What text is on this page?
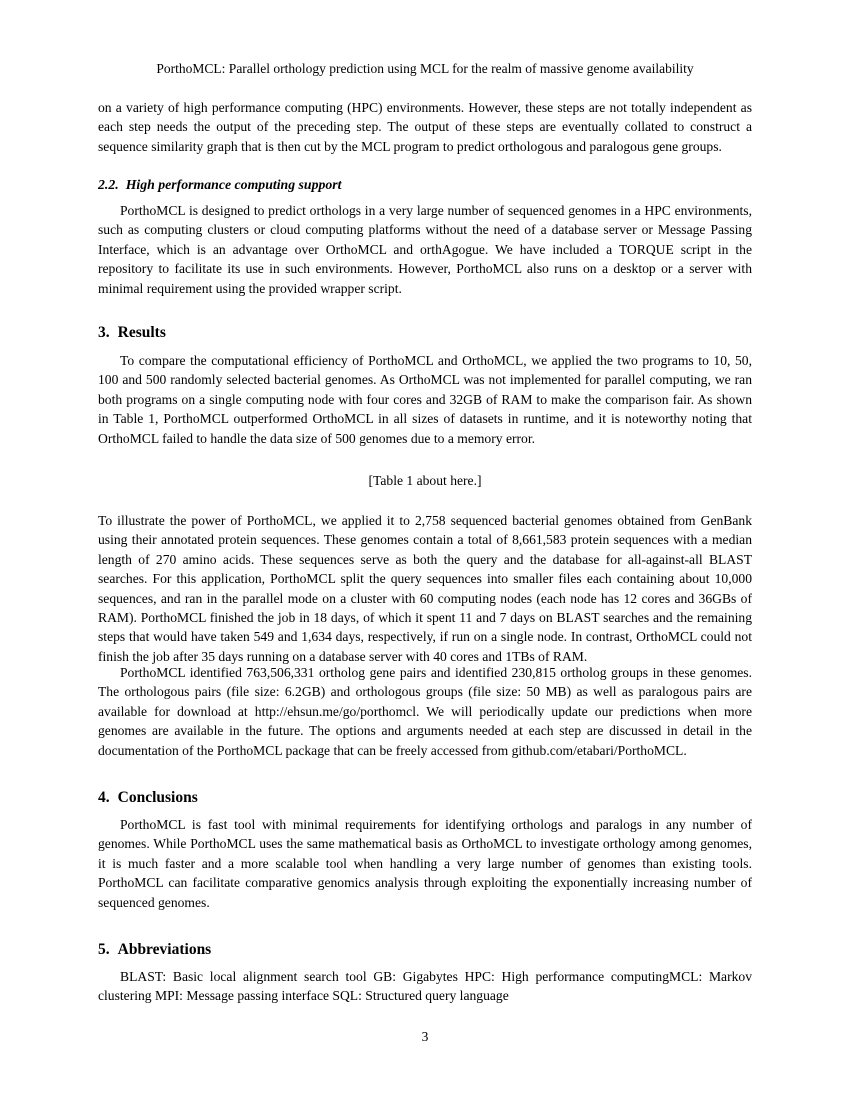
PorthoMCL: Parallel orthology prediction using MCL for the realm of massive genome availability
on a variety of high performance computing (HPC) environments. However, these steps are not totally independent as each step needs the output of the preceding step. The output of these steps are eventually collated to construct a sequence similarity graph that is then cut by the MCL program to predict orthologous and paralogous gene groups.
2.2. High performance computing support
PorthoMCL is designed to predict orthologs in a very large number of sequenced genomes in a HPC environments, such as computing clusters or cloud computing platforms without the need of a database server or Message Passing Interface, which is an advantage over OrthoMCL and orthAgogue. We have included a TORQUE script in the repository to facilitate its use in such environments. However, PorthoMCL also runs on a desktop or a server with minimal requirement using the provided wrapper script.
3. Results
To compare the computational efficiency of PorthoMCL and OrthoMCL, we applied the two programs to 10, 50, 100 and 500 randomly selected bacterial genomes. As OrthoMCL was not implemented for parallel computing, we ran both programs on a single computing node with four cores and 32GB of RAM to make the comparison fair. As shown in Table 1, PorthoMCL outperformed OrthoMCL in all sizes of datasets in runtime, and it is noteworthy noting that OrthoMCL failed to handle the data size of 500 genomes due to a memory error.
[Table 1 about here.]
To illustrate the power of PorthoMCL, we applied it to 2,758 sequenced bacterial genomes obtained from GenBank using their annotated protein sequences. These genomes contain a total of 8,661,583 protein sequences with a median length of 270 amino acids. These sequences serve as both the query and the database for all-against-all BLAST searches. For this application, PorthoMCL split the query sequences into smaller files each containing about 10,000 sequences, and ran in the parallel mode on a cluster with 60 computing nodes (each node has 12 cores and 36GBs of RAM). PorthoMCL finished the job in 18 days, of which it spent 11 and 7 days on BLAST searches and the remaining steps that would have taken 549 and 1,634 days, respectively, if run on a single node. In contrast, OrthoMCL could not finish the job after 35 days running on a database server with 40 cores and 1TBs of RAM.
PorthoMCL identified 763,506,331 ortholog gene pairs and identified 230,815 ortholog groups in these genomes. The orthologous pairs (file size: 6.2GB) and orthologous groups (file size: 50 MB) as well as paralogous pairs are available for download at http://ehsun.me/go/porthomcl. We will periodically update our predictions when more genomes are available in the future. The options and arguments needed at each step are discussed in detail in the documentation of the PorthoMCL package that can be freely accessed from github.com/etabari/PorthoMCL.
4. Conclusions
PorthoMCL is fast tool with minimal requirements for identifying orthologs and paralogs in any number of genomes. While PorthoMCL uses the same mathematical basis as OrthoMCL to investigate orthology among genomes, it is much faster and a more scalable tool when handling a very large number of genomes than existing tools. PorthoMCL can facilitate comparative genomics analysis through exploiting the exponentially increasing number of sequenced genomes.
5. Abbreviations
BLAST: Basic local alignment search tool GB: Gigabytes HPC: High performance computingMCL: Markov clustering MPI: Message passing interface SQL: Structured query language
3
